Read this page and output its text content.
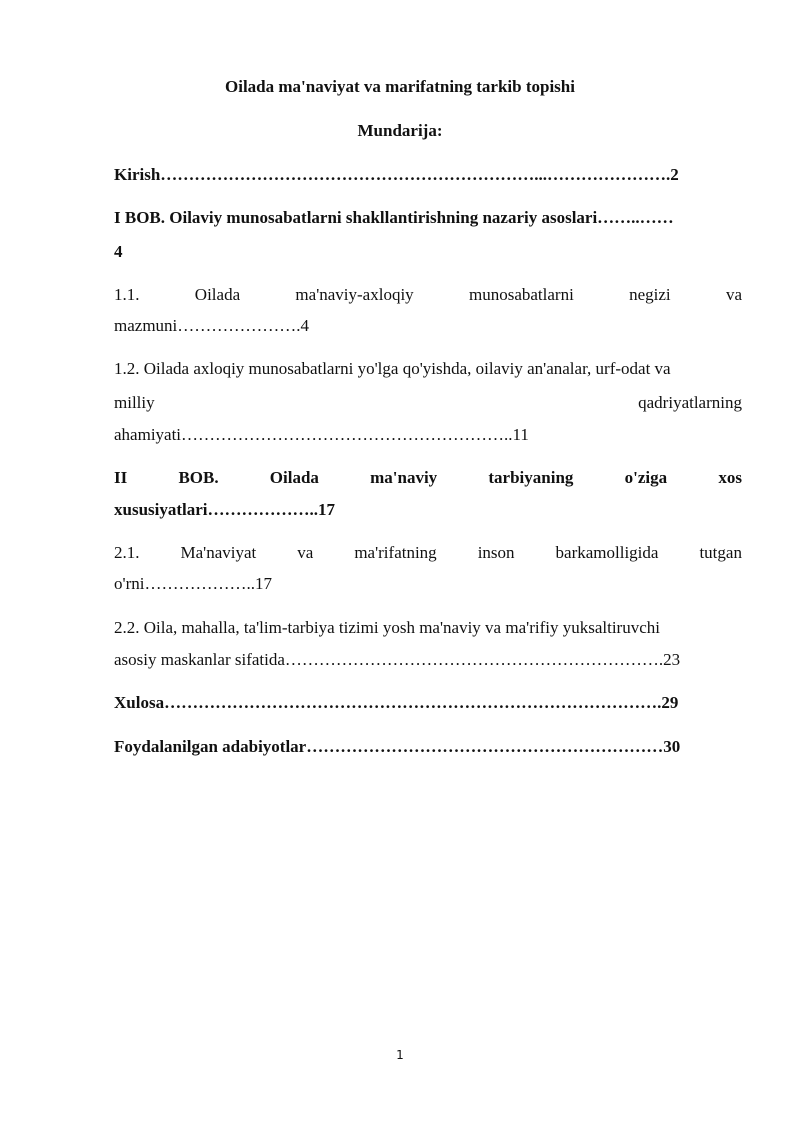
Oilada ma'naviyat va marifatning tarkib topishi
Mundarija:
Kirish…………………………………………………………...………………….2
I BOB. Oilaviy munosabatlarni shakllantirishning nazariy asoslari……..……
4
1.1.	Oilada	ma'naviy-axloqiy	munosabatlarni	negizi	va
mazmuni………………….4
1.2. Oilada axloqiy munosabatlarni yo'lga qo'yishda, oilaviy an'analar, urf-odat va
milliy	qadriyatlarning
ahamiyati…………………………………………………..11
II	BOB.	Oilada	ma'naviy	tarbiyaning	o'ziga	xos
xususiyatlari………………..17
2.1. Ma'naviyat va ma'rifatning inson barkamolligida tutgan
o'rni………………..17
2.2. Oila, mahalla, ta'lim-tarbiya tizimi yosh ma'naviy va ma'rifiy yuksaltiruvchi
asosiy maskanlar sifatida………………………………………………………….23
Xulosa…………………………………………………………………………….29
Foydalanilgan adabiyotlar………………………………………………………30
1
